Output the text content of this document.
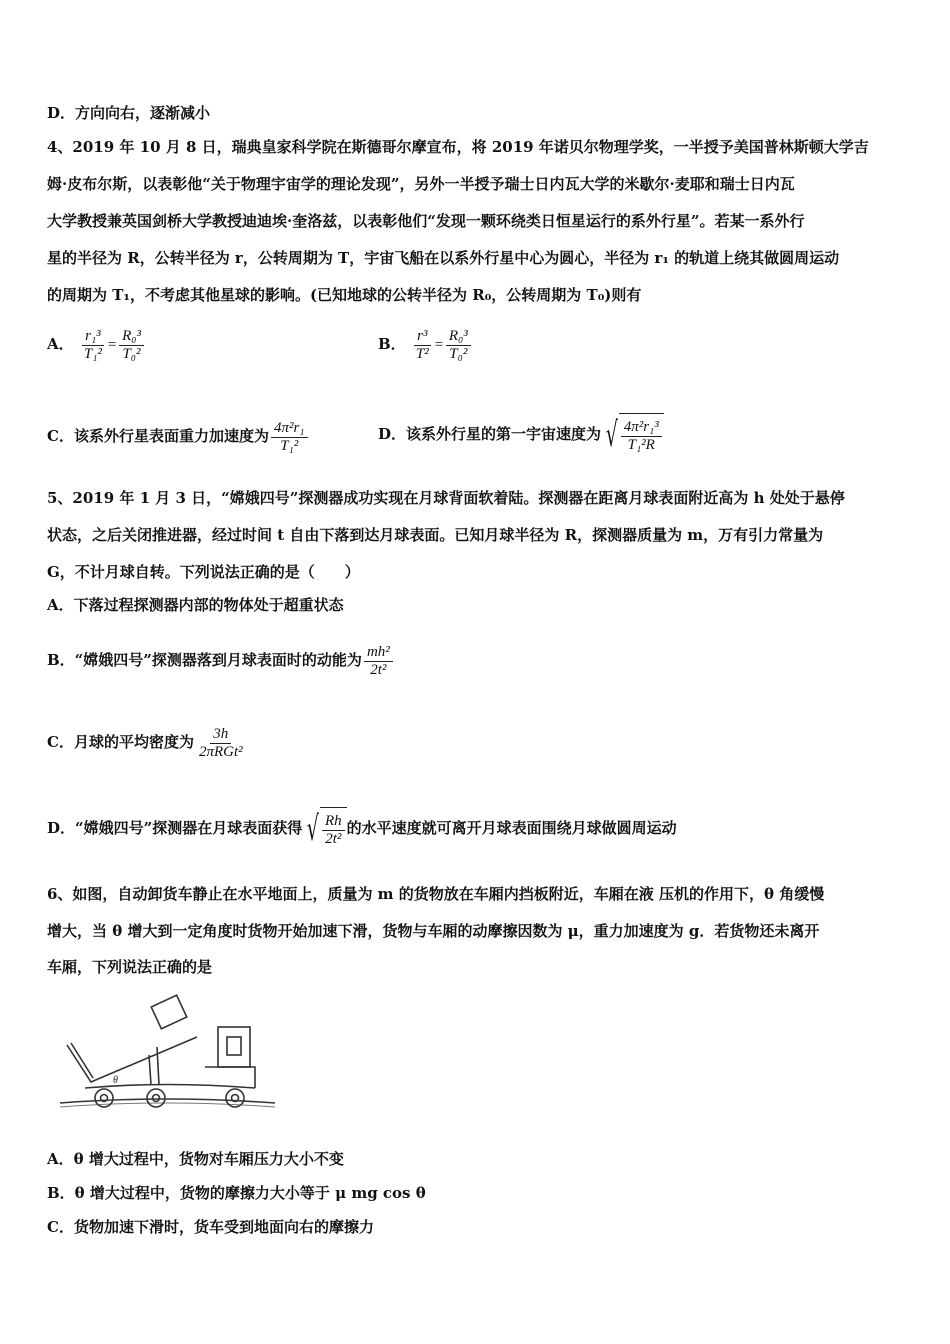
D．方向向右，逐渐减小
4、2019 年 10 月 8 日，瑞典皇家科学院在斯德哥尔摩宣布，将 2019 年诺贝尔物理学奖，一半授予美国普林斯顿大学吉
姆·皮布尔斯，以表彰他“关于物理宇宙学的理论发现”，另外一半授予瑞士日内瓦大学的米歇尔·麦耶和瑞士日内瓦
大学教授兼英国剑桥大学教授迪迪埃·奎洛兹，以表彰他们“发现一颗环绕类日恒星运行的系外行星”。若某一系外行
星的半径为 R，公转半径为 r，公转周期为 T，宇宙飞船在以系外行星中心为圆心，半径为 r₁ 的轨道上绕其做圆周运动
的周期为 T₁，不考虑其他星球的影响。(已知地球的公转半径为 R₀，公转周期为 T₀)则有
A． $\frac{\text{r₁³}}{\text{T₁²}} = \frac{\text{R₀³}}{\text{T₀²}}$	B． $\frac{\text{r³}}{\text{T²}} = \frac{\text{R₀³}}{\text{T₀²}}$
C．该系外行星表面重力加速度为 $\frac{\text{4π²r₁}}{\text{T₁²}}$	D．该系外行星的第一宇宙速度为 √ $\frac{\text{4π²r₁³}}{\text{T₁²R}}$
5、2019 年 1 月 3 日，“嫦娥四号”探测器成功实现在月球背面软着陆。探测器在距离月球表面附近高为 h 处处于悬停
状态，之后关闭推进器，经过时间 t 自由下落到达月球表面。已知月球半径为 R，探测器质量为 m，万有引力常量为
G，不计月球自转。下列说法正确的是（　　）
A．下落过程探测器内部的物体处于超重状态
B．“嫦娥四号”探测器落到月球表面时的动能为 $\frac{\text{mh²}}{\text{2t²}}$
C．月球的平均密度为 $\frac{3h}{\text{2πRGt²}}$
D．“嫦娥四号”探测器在月球表面获得 √ $\frac{Rh}{\text{2t²}}$ 的水平速度就可离开月球表面围绕月球做圆周运动
6、如图，自动卸货车静止在水平地面上，质量为 m 的货物放在车厢内挡板附近，车厢在液 压机的作用下，θ 角缓慢
增大，当 θ 增大到一定角度时货物开始加速下滑，货物与车厢的动摩擦因数为 μ，重力加速度为 g．若货物还未离开
车厢，下列说法正确的是
θ
A．θ 增大过程中，货物对车厢压力大小不变
B．θ 增大过程中，货物的摩擦力大小等于 μ mg cos θ
C．货物加速下滑时，货车受到地面向右的摩擦力
